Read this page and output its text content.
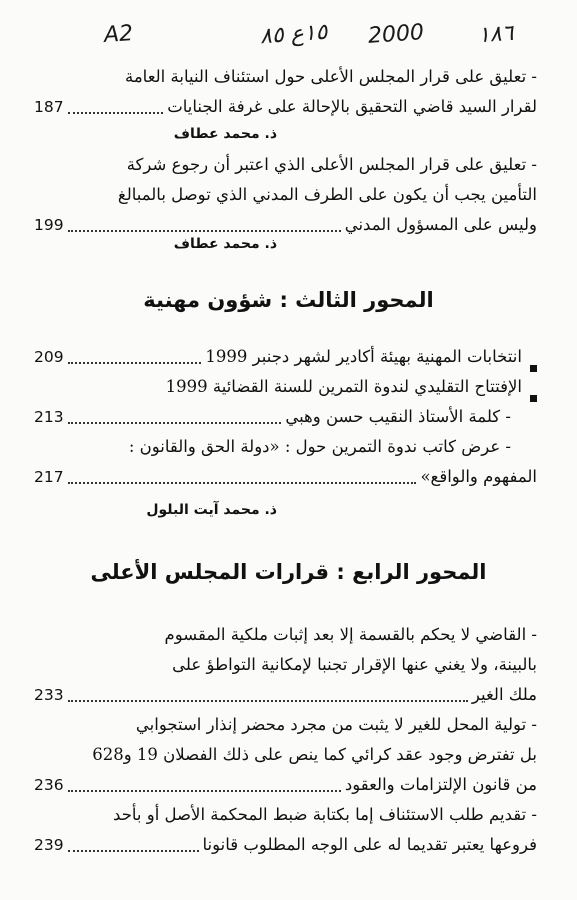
A2	١٥ع ٨٥ 2000 ١٨٦
- تعليق على قرار المجلس الأعلى حول استئناف النيابة العامة
لقرار السيد قاضي التحقيق بالإحالة على غرفة الجنايات
187
ذ. محمد عطاف
- تعليق على قرار المجلس الأعلى الذي اعتبر أن رجوع شركة
التأمين يجب أن يكون على الطرف المدني الذي توصل بالمبالغ
وليس على المسؤول المدني
199
ذ. محمد عطاف
المحور الثالث : شؤون مهنية
انتخابات المهنية بهيئة أكادير لشهر دجنبر 1999
209
الإفتتاح التقليدي لندوة التمرين للسنة القضائية 1999
- كلمة الأستاذ النقيب حسن وهبي
213
- عرض كاتب ندوة التمرين حول : «دولة الحق والقانون :
المفهوم والواقع»
217
ذ. محمد آيت البلول
المحور الرابع : قرارات المجلس الأعلى
- القاضي لا يحكم بالقسمة إلا بعد إثبات ملكية المقسوم
بالبينة، ولا يغني عنها الإقرار تجنبا لإمكانية التواطؤ على
ملك الغير
233
- تولية المحل للغير لا يثبت من مجرد محضر إنذار استجوابي
بل تفترض وجود عقد كرائي كما ينص على ذلك الفصلان 19 و628
من قانون الإلتزامات والعقود
236
- تقديم طلب الاستئناف إما بكتابة ضبط المحكمة الأصل أو بأحد
فروعها يعتبر تقديما له على الوجه المطلوب قانونا
239
